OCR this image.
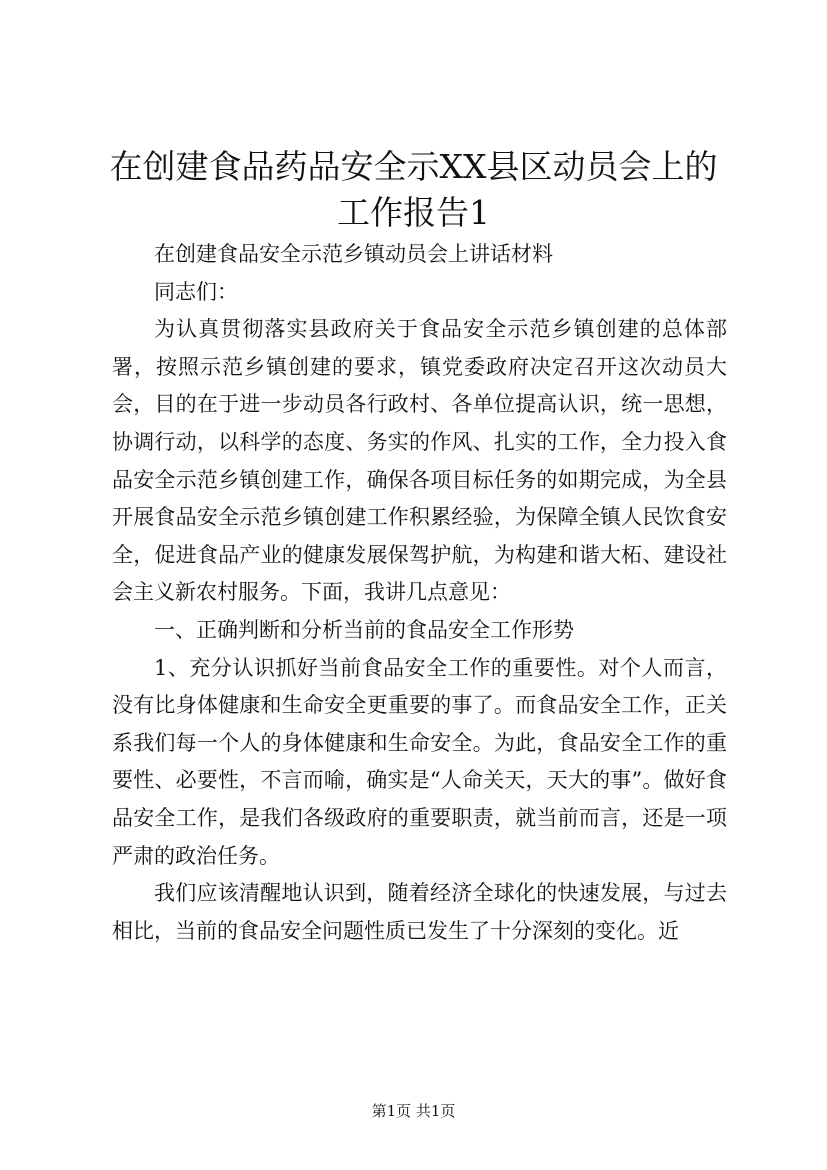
在创建食品药品安全示XX县区动员会上的工作报告1

在创建食品安全示范乡镇动员会上讲话材料

同志们：

为认真贯彻落实县政府关于食品安全示范乡镇创建的总体部署，按照示范乡镇创建的要求，镇党委政府决定召开这次动员大会，目的在于进一步动员各行政村、各单位提高认识，统一思想，协调行动，以科学的态度、务实的作风、扎实的工作，全力投入食品安全示范乡镇创建工作，确保各项目标任务的如期完成，为全县开展食品安全示范乡镇创建工作积累经验，为保障全镇人民饮食安全，促进食品产业的健康发展保驾护航，为构建和谐大柘、建设社会主义新农村服务。下面，我讲几点意见：

一、正确判断和分析当前的食品安全工作形势

1、充分认识抓好当前食品安全工作的重要性。对个人而言，没有比身体健康和生命安全更重要的事了。而食品安全工作，正关系我们每一个人的身体健康和生命安全。为此，食品安全工作的重要性、必要性，不言而喻，确实是“人命关天，天大的事”。做好食品安全工作，是我们各级政府的重要职责，就当前而言，还是一项严肃的政治任务。

我们应该清醒地认识到，随着经济全球化的快速发展，与过去相比，当前的食品安全问题性质已发生了十分深刻的变化。近

第1页 共1页
